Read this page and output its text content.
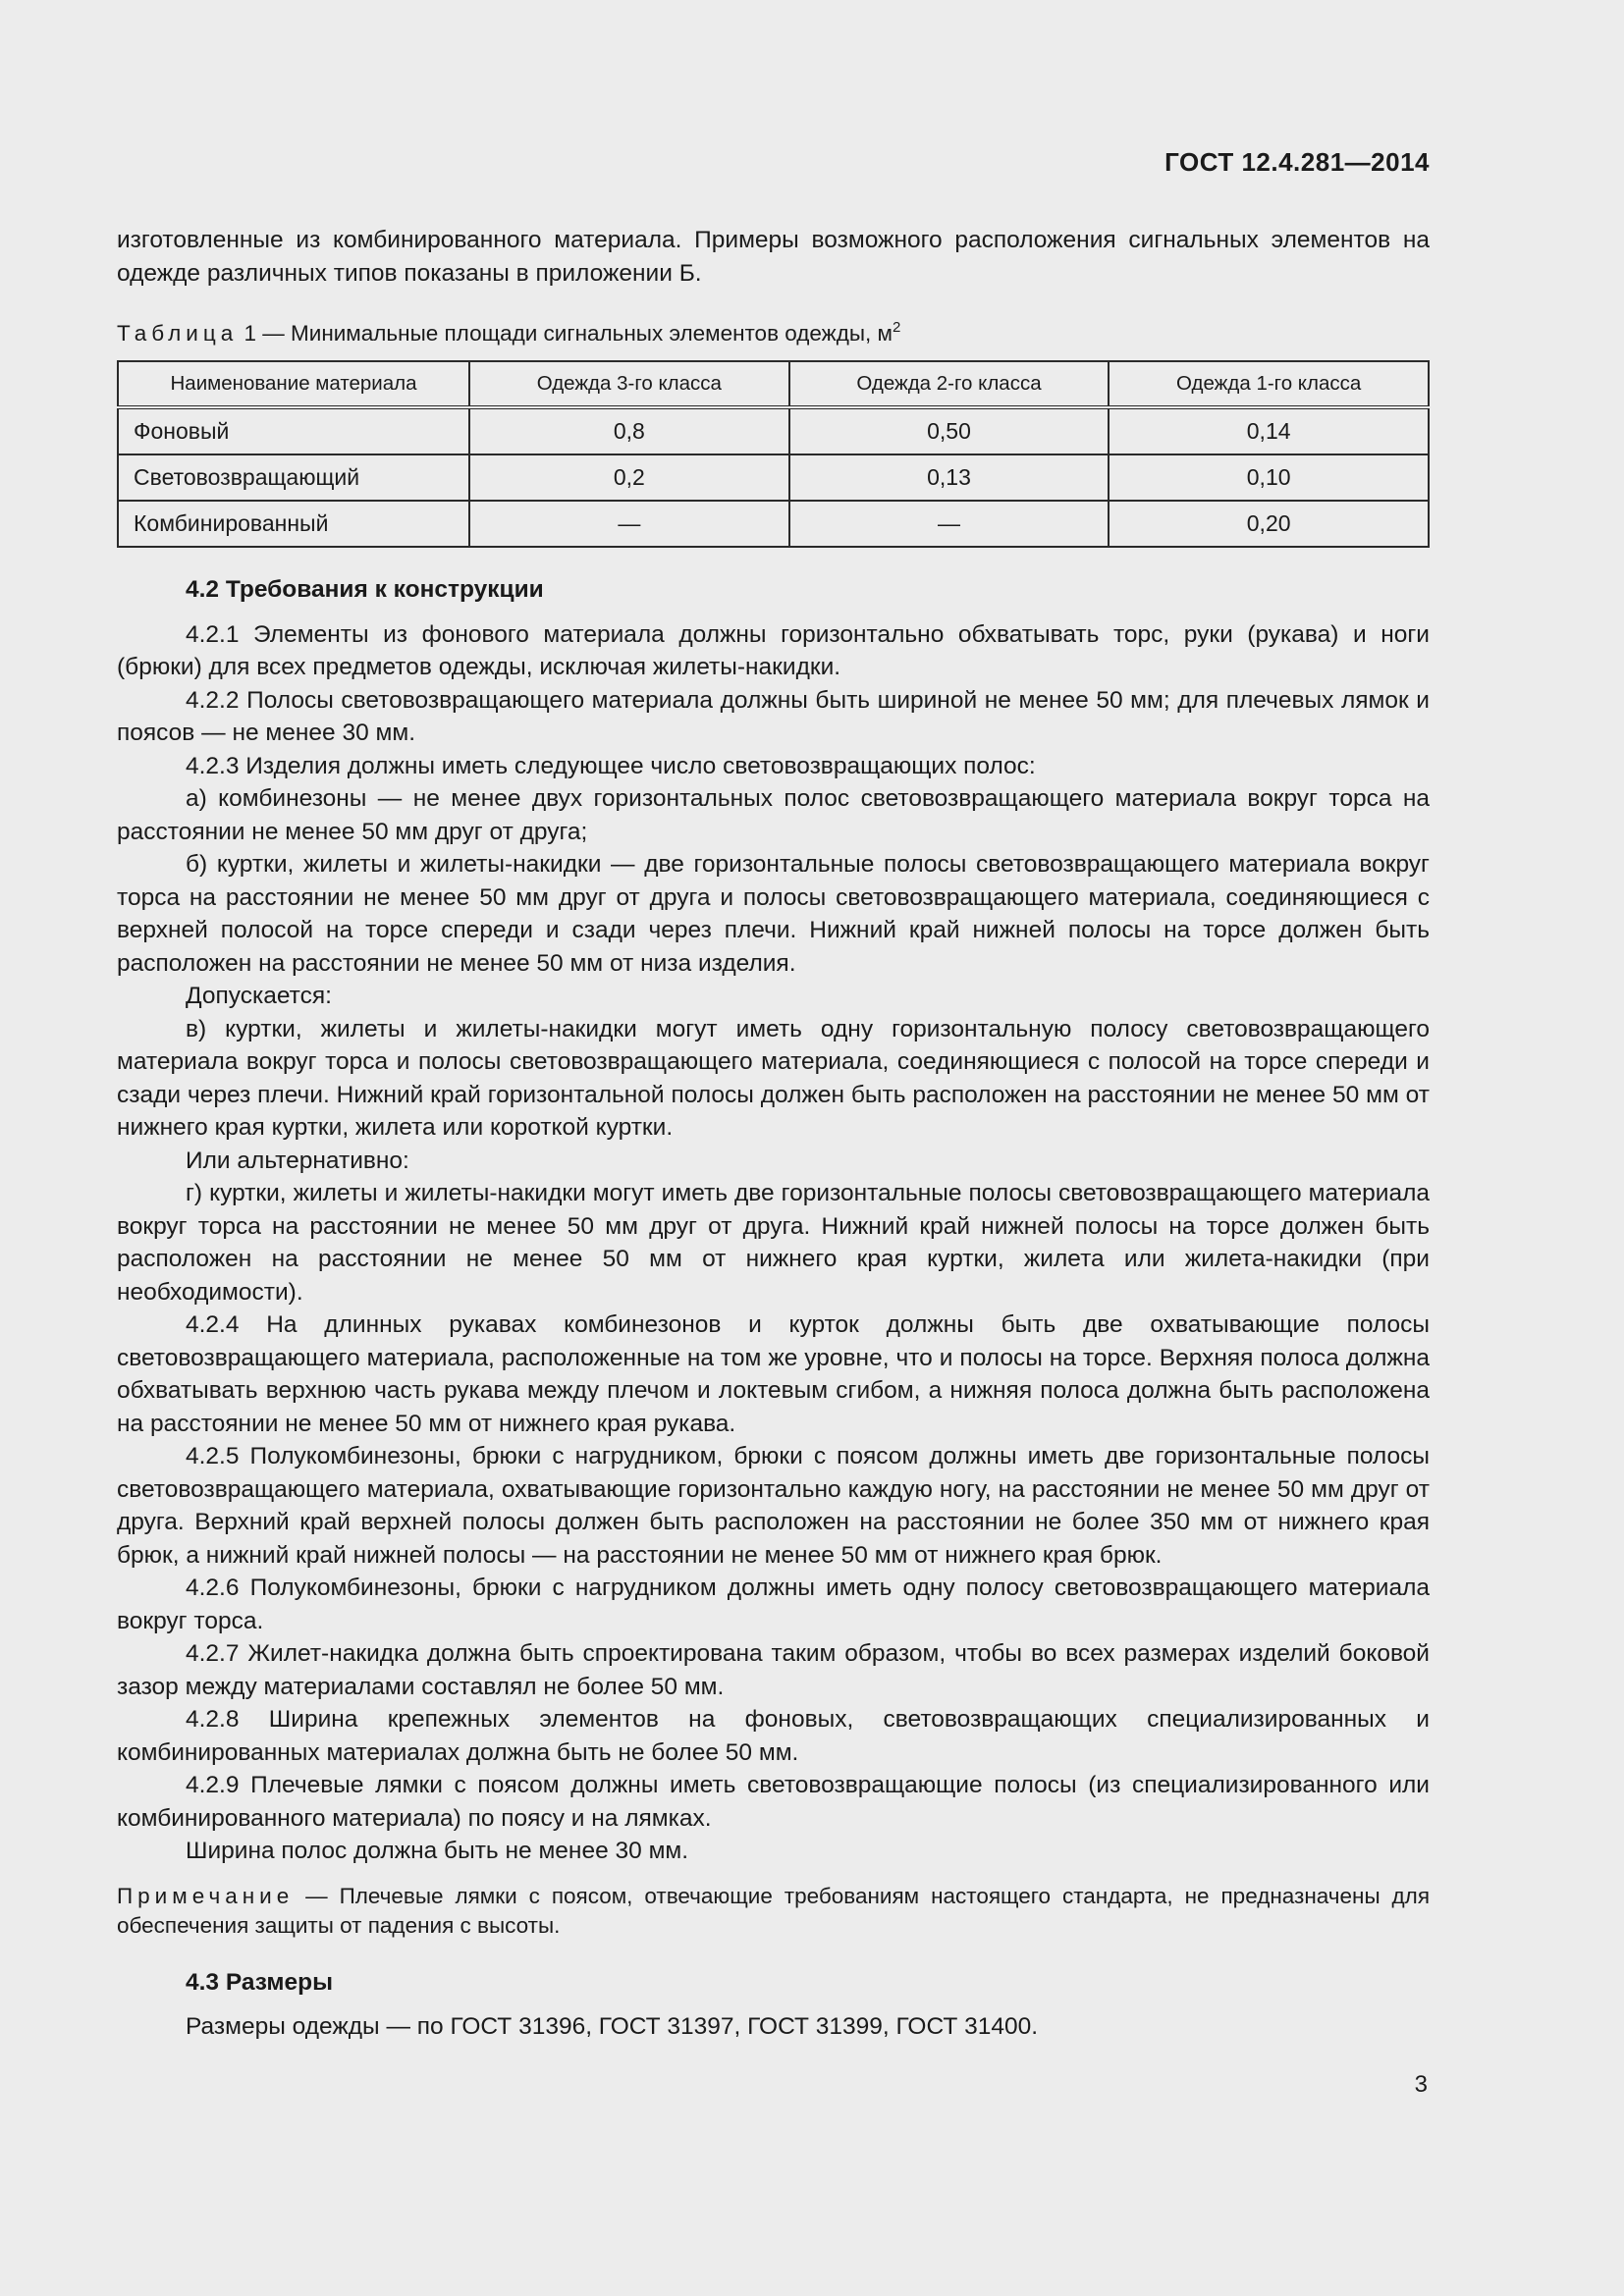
ГОСТ 12.4.281—2014

изготовленные из комбинированного материала. Примеры возможного расположения сигнальных элементов на одежде различных типов показаны в приложении Б.

Таблица 1 — Минимальные площади сигнальных элементов одежды, $м^2$
Наименование материала	Одежда 3-го класса	Одежда 2-го класса	Одежда 1-го класса
Фоновый	0,8	0,50	0,14
Световозвращающий	0,2	0,13	0,10
Комбинированный	—	—	0,20

4.2 Требования к конструкции

4.2.1 Элементы из фонового материала должны горизонтально обхватывать торс, руки (рукава) и ноги (брюки) для всех предметов одежды, исключая жилеты-накидки.

4.2.2 Полосы световозвращающего материала должны быть шириной не менее 50 мм; для плечевых лямок и поясов — не менее 30 мм.

4.2.3 Изделия должны иметь следующее число световозвращающих полос:

а) комбинезоны — не менее двух горизонтальных полос световозвращающего материала вокруг торса на расстоянии не менее 50 мм друг от друга;

б) куртки, жилеты и жилеты-накидки — две горизонтальные полосы световозвращающего материала вокруг торса на расстоянии не менее 50 мм друг от друга и полосы световозвращающего материала, соединяющиеся с верхней полосой на торсе спереди и сзади через плечи. Нижний край нижней полосы на торсе должен быть расположен на расстоянии не менее 50 мм от низа изделия.

Допускается:

в) куртки, жилеты и жилеты-накидки могут иметь одну горизонтальную полосу световозвращающего материала вокруг торса и полосы световозвращающего материала, соединяющиеся с полосой на торсе спереди и сзади через плечи. Нижний край горизонтальной полосы должен быть расположен на расстоянии не менее 50 мм от нижнего края куртки, жилета или короткой куртки.

Или альтернативно:

г) куртки, жилеты и жилеты-накидки могут иметь две горизонтальные полосы световозвращающего материала вокруг торса на расстоянии не менее 50 мм друг от друга. Нижний край нижней полосы на торсе должен быть расположен на расстоянии не менее 50 мм от нижнего края куртки, жилета или жилета-накидки (при необходимости).

4.2.4 На длинных рукавах комбинезонов и курток должны быть две охватывающие полосы световозвращающего материала, расположенные на том же уровне, что и полосы на торсе. Верхняя полоса должна обхватывать верхнюю часть рукава между плечом и локтевым сгибом, а нижняя полоса должна быть расположена на расстоянии не менее 50 мм от нижнего края рукава.

4.2.5 Полукомбинезоны, брюки с нагрудником, брюки с поясом должны иметь две горизонтальные полосы световозвращающего материала, охватывающие горизонтально каждую ногу, на расстоянии не менее 50 мм друг от друга. Верхний край верхней полосы должен быть расположен на расстоянии не более 350 мм от нижнего края брюк, а нижний край нижней полосы — на расстоянии не менее 50 мм от нижнего края брюк.

4.2.6 Полукомбинезоны, брюки с нагрудником должны иметь одну полосу световозвращающего материала вокруг торса.

4.2.7 Жилет-накидка должна быть спроектирована таким образом, чтобы во всех размерах изделий боковой зазор между материалами составлял не более 50 мм.

4.2.8 Ширина крепежных элементов на фоновых, световозвращающих специализированных и комбинированных материалах должна быть не более 50 мм.

4.2.9 Плечевые лямки с поясом должны иметь световозвращающие полосы (из специализированного или комбинированного материала) по поясу и на лямках.

Ширина полос должна быть не менее 30 мм.

Примечание — Плечевые лямки с поясом, отвечающие требованиям настоящего стандарта, не предназначены для обеспечения защиты от падения с высоты.

4.3 Размеры

Размеры одежды — по ГОСТ 31396, ГОСТ 31397, ГОСТ 31399, ГОСТ 31400.

3
